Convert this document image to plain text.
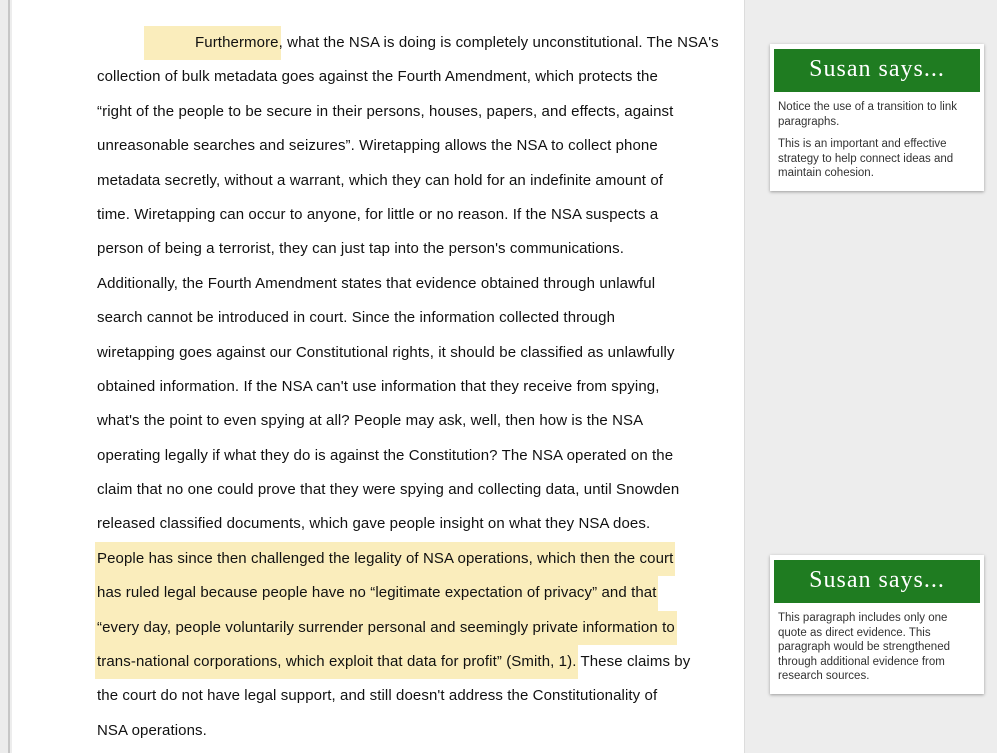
Furthermore, what the NSA is doing is completely unconstitutional. The NSA's
collection of bulk metadata goes against the Fourth Amendment, which protects the
“right of the people to be secure in their persons, houses, papers, and effects, against
unreasonable searches and seizures”. Wiretapping allows the NSA to collect phone
metadata secretly, without a warrant, which they can hold for an indefinite amount of
time. Wiretapping can occur to anyone, for little or no reason. If the NSA suspects a
person of being a terrorist, they can just tap into the person's communications.
Additionally, the Fourth Amendment states that evidence obtained through unlawful
search cannot be introduced in court. Since the information collected through
wiretapping goes against our Constitutional rights, it should be classified as unlawfully
obtained information. If the NSA can't use information that they receive from spying,
what's the point to even spying at all? People may ask, well, then how is the NSA
operating legally if what they do is against the Constitution? The NSA operated on the
claim that no one could prove that they were spying and collecting data, until Snowden
released classified documents, which gave people insight on what they NSA does.
People has since then challenged the legality of NSA operations, which then the court
has ruled legal because people have no “legitimate expectation of privacy” and that
“every day, people voluntarily surrender personal and seemingly private information to
trans-national corporations, which exploit that data for profit” (Smith, 1). These claims by
the court do not have legal support, and still doesn't address the Constitutionality of
NSA operations.
Susan says...

Notice the use of a transition to link paragraphs.

This is an important and effective strategy to help connect ideas and maintain cohesion.

Susan says...

This paragraph includes only one quote as direct evidence. This paragraph would be strengthened through additional evidence from research sources.
